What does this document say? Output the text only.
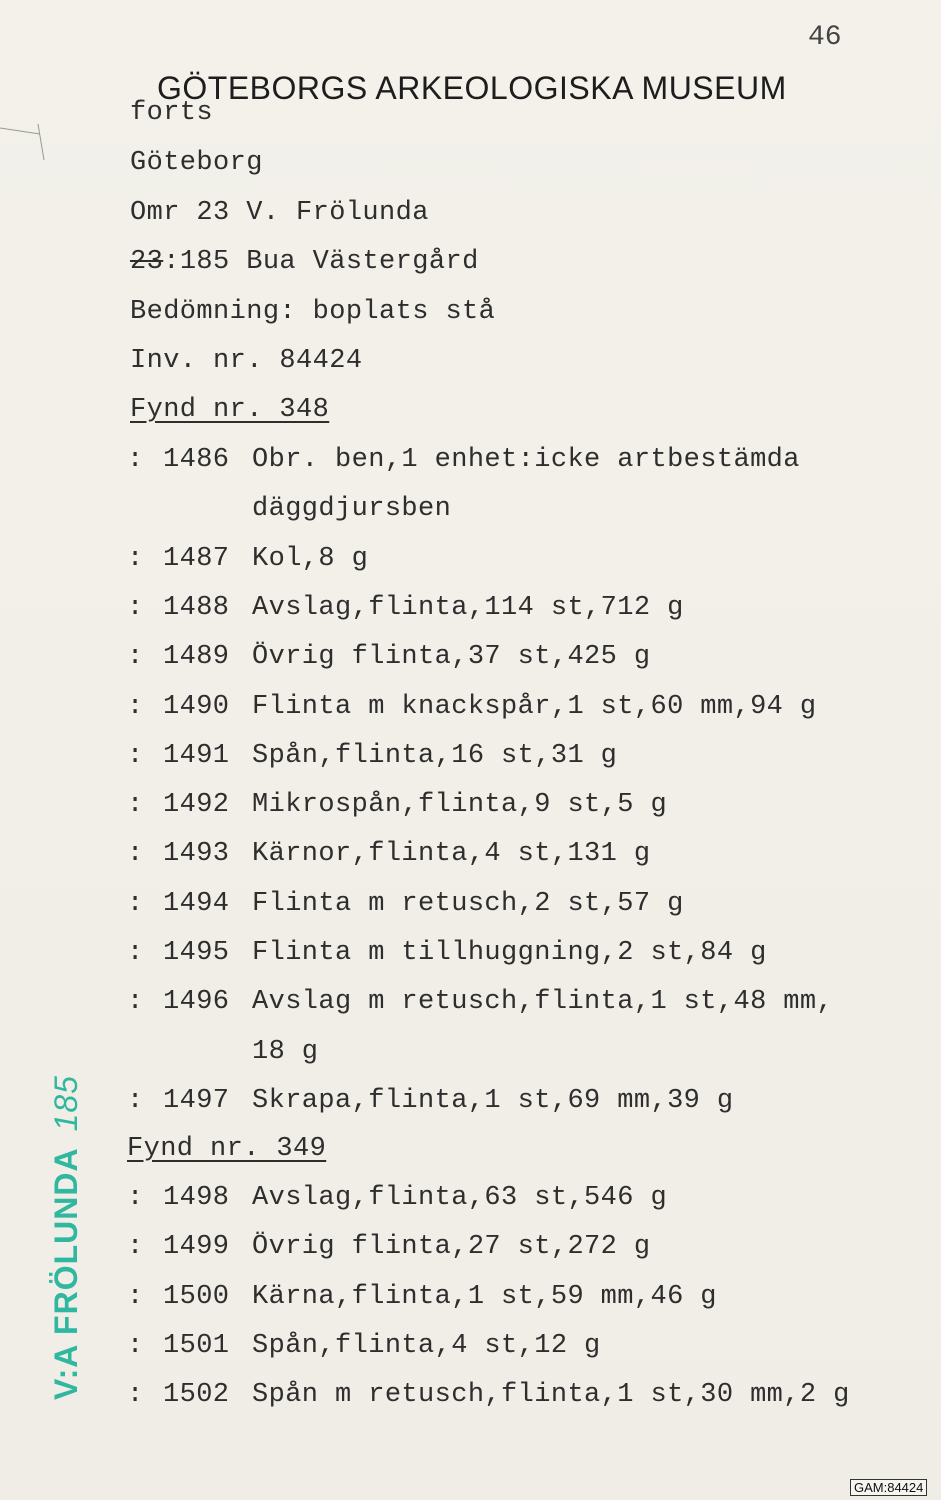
46
GÖTEBORGS ARKEOLOGISKA MUSEUM
forts
Göteborg
Omr 23 V. Frölunda
23:185 Bua Västergård
Bedömning: boplats stå
Inv. nr. 84424
Fynd nr. 348
: 1486 Obr. ben,1 enhet:icke artbestämda
däggdjursben
: 1487 Kol,8 g
: 1488 Avslag,flinta,114 st,712 g
: 1489 Övrig flinta,37 st,425 g
: 1490 Flinta m knackspår,1 st,60 mm,94 g
: 1491 Spån,flinta,16 st,31 g
: 1492 Mikrospån,flinta,9 st,5 g
: 1493 Kärnor,flinta,4 st,131 g
: 1494 Flinta m retusch,2 st,57 g
: 1495 Flinta m tillhuggning,2 st,84 g
: 1496 Avslag m retusch,flinta,1 st,48 mm,
18 g
: 1497 Skrapa,flinta,1 st,69 mm,39 g
Fynd nr. 349
: 1498 Avslag,flinta,63 st,546 g
: 1499 Övrig flinta,27 st,272 g
: 1500 Kärna,flinta,1 st,59 mm,46 g
: 1501 Spån,flinta,4 st,12 g
: 1502 Spån m retusch,flinta,1 st,30 mm,2 g
V:A FRÖLUNDA185
GAM:84424
